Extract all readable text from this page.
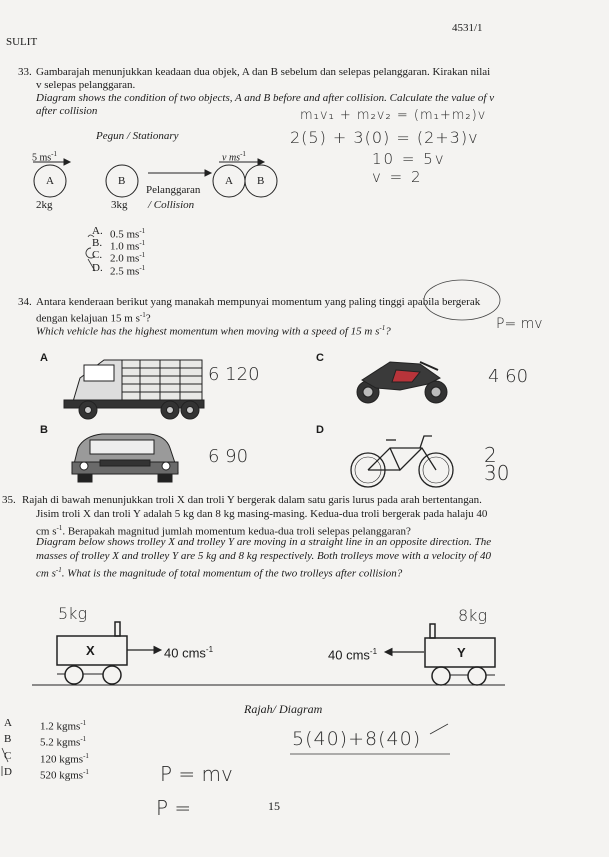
SULIT
4531/1
33. Gambarajah menunjukkan keadaan dua objek, A dan B sebelum dan selepas pelanggaran. Kirakan nilai
v selepas pelanggaran.
Diagram shows the condition of two objects, A and B before and after collision. Calculate the value of v
after collision
Pegun / Stationary
5 $ms^{-1}$	v $ms^{-1}$
A	B	A B
Pelanggaran
2kg	3kg / Collision
A. 0.5 $ms^{-1}$
B. 1.0 $ms^{-1}$
C. 2.0 $ms^{-1}$
D. 2.5 $ms^{-1}$
m₁v₁ + m₂v₂ = (m₁+m₂)v
2(5) + 3(0) = (2+3)v
10 = 5v
v = 2
34. Antara kenderaan berikut yang manakah mempunyai momentum yang paling tinggi apabila bergerak
dengan kelajuan 15 m $s^{-1}$?
Which vehicle has the highest momentum when moving with a speed of 15 m $s^{-1}$?	P= mv
A	C
B	D
6 120
6 90
4 60
2 30
35. Rajah di bawah menunjukkan troli X dan troli Y bergerak dalam satu garis lurus pada arah bertentangan.
Jisim troli X dan troli Y adalah 5 kg dan 8 kg masing-masing. Kedua-dua troli bergerak pada halaju 40
cm $s^{-1}$. Berapakah magnitud jumlah momentum kedua-dua troli selepas pelanggaran?
Diagram below shows trolley X and trolley Y are moving in a straight line in an opposite direction. The
masses of trolley X and trolley Y are 5 kg and 8 kg respectively. Both trolleys move with a velocity of 40
cm $s^{-1}$. What is the magnitude of total momentum of the two trolleys after collision?
5kg	8kg
X	Y
40 cms$^{-1}$	40 cms$^{-1}$
Rajah/ Diagram
A	1.2 kgms$^{-1}$
B	5.2 kgms$^{-1}$
C	120 kgms$^{-1}$
D	520 kgms$^{-1}$
5(40)+8(40)
P = mv
P =	15
